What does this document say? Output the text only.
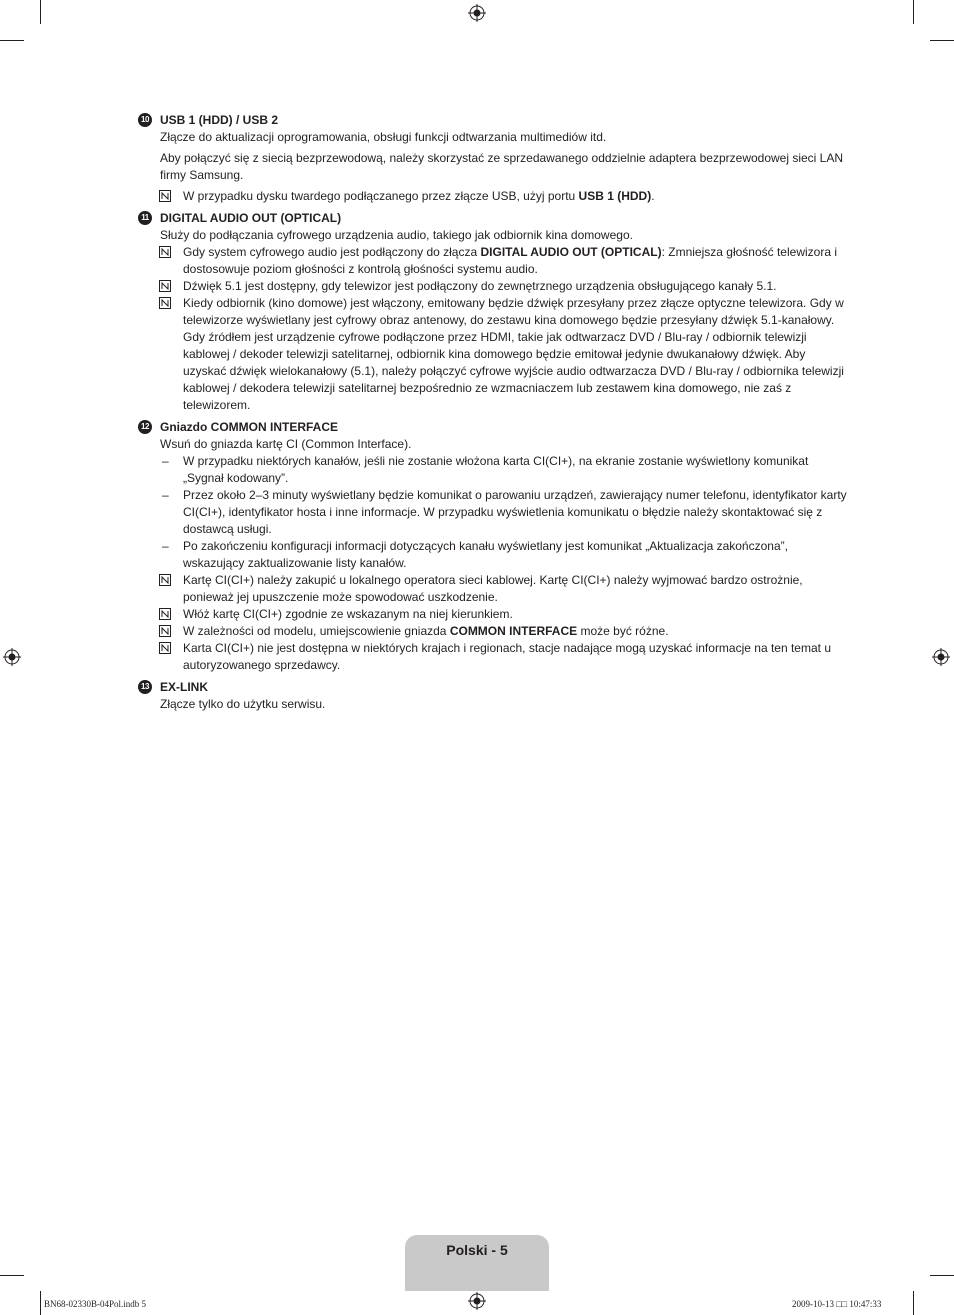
10 USB 1 (HDD) / USB 2
Złącze do aktualizacji oprogramowania, obsługi funkcji odtwarzania multimediów itd.
Aby połączyć się z siecią bezprzewodową, należy skorzystać ze sprzedawanego oddzielnie adaptera bezprzewodowej sieci LAN firmy Samsung.
W przypadku dysku twardego podłączanego przez złącze USB, użyj portu USB 1 (HDD).
11 DIGITAL AUDIO OUT (OPTICAL)
Służy do podłączania cyfrowego urządzenia audio, takiego jak odbiornik kina domowego.
Gdy system cyfrowego audio jest podłączony do złącza DIGITAL AUDIO OUT (OPTICAL): Zmniejsza głośność telewizora i dostosowuje poziom głośności z kontrolą głośności systemu audio.
Dźwięk 5.1 jest dostępny, gdy telewizor jest podłączony do zewnętrznego urządzenia obsługującego kanały 5.1.
Kiedy odbiornik (kino domowe) jest włączony, emitowany będzie dźwięk przesyłany przez złącze optyczne telewizora. Gdy w telewizorze wyświetlany jest cyfrowy obraz antenowy, do zestawu kina domowego będzie przesyłany dźwięk 5.1-kanałowy. Gdy źródłem jest urządzenie cyfrowe podłączone przez HDMI, takie jak odtwarzacz DVD / Blu-ray / odbiornik telewizji kablowej / dekoder telewizji satelitarnej, odbiornik kina domowego będzie emitował jedynie dwukanałowy dźwięk. Aby uzyskać dźwięk wielokanałowy (5.1), należy połączyć cyfrowe wyjście audio odtwarzacza DVD / Blu-ray / odbiornika telewizji kablowej / dekodera telewizji satelitarnej bezpośrednio ze wzmacniaczem lub zestawem kina domowego, nie zaś z telewizorem.
12 Gniazdo COMMON INTERFACE
Wsuń do gniazda kartę CI (Common Interface).
– W przypadku niektórych kanałów, jeśli nie zostanie włożona karta CI(CI+), na ekranie zostanie wyświetlony komunikat „Sygnał kodowany”.
– Przez około 2–3 minuty wyświetlany będzie komunikat o parowaniu urządzeń, zawierający numer telefonu, identyfikator karty CI(CI+), identyfikator hosta i inne informacje. W przypadku wyświetlenia komunikatu o błędzie należy skontaktować się z dostawcą usługi.
– Po zakończeniu konfiguracji informacji dotyczących kanału wyświetlany jest komunikat „Aktualizacja zakończona”, wskazujący zaktualizowanie listy kanałów.
Kartę CI(CI+) należy zakupić u lokalnego operatora sieci kablowej. Kartę CI(CI+) należy wyjmować bardzo ostrożnie, ponieważ jej upuszczenie może spowodować uszkodzenie.
Włóż kartę CI(CI+) zgodnie ze wskazanym na niej kierunkiem.
W zależności od modelu, umiejscowienie gniazda COMMON INTERFACE może być różne.
Karta CI(CI+) nie jest dostępna w niektórych krajach i regionach, stacje nadające mogą uzyskać informacje na ten temat u autoryzowanego sprzedawcy.
13 EX-LINK
Złącze tylko do użytku serwisu.
Polski - 5
BN68-02330B-04Pol.indb 5	2009-10-13 □□ 10:47:33
